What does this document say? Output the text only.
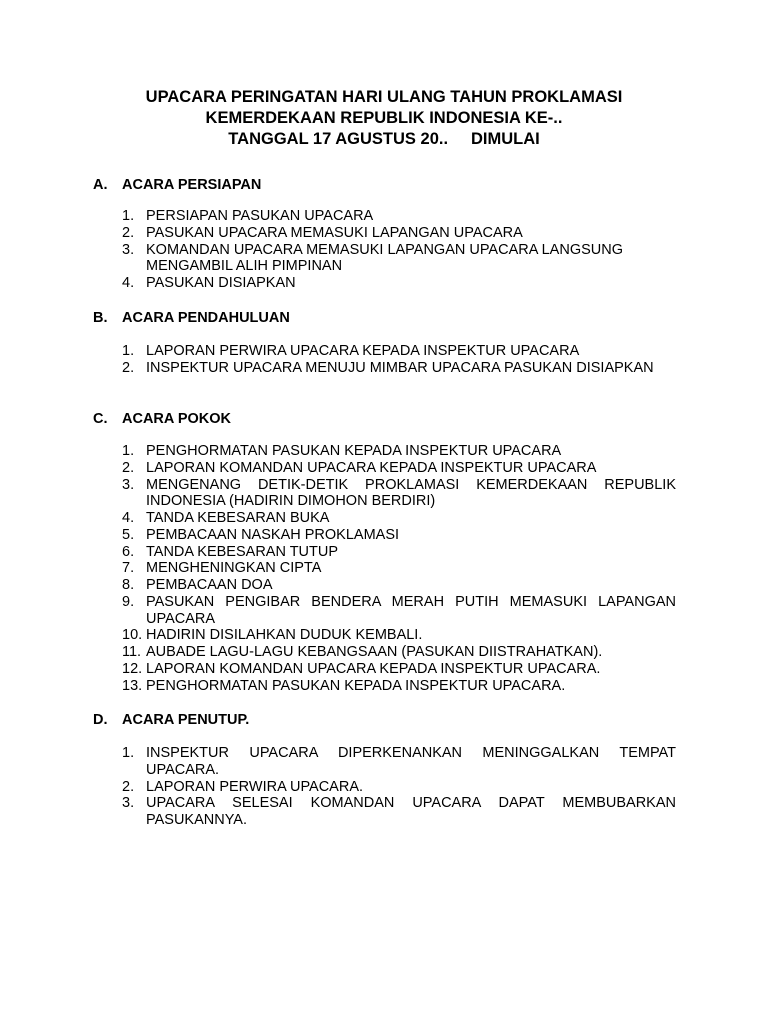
UPACARA PERINGATAN HARI ULANG TAHUN PROKLAMASI
KEMERDEKAAN REPUBLIK INDONESIA KE-..
TANGGAL 17 AGUSTUS 20..     DIMULAI
A. ACARA PERSIAPAN
1. PERSIAPAN PASUKAN UPACARA
2. PASUKAN UPACARA MEMASUKI LAPANGAN UPACARA
3. KOMANDAN UPACARA MEMASUKI LAPANGAN UPACARA LANGSUNG MENGAMBIL ALIH PIMPINAN
4. PASUKAN DISIAPKAN
B. ACARA PENDAHULUAN
1. LAPORAN PERWIRA UPACARA KEPADA INSPEKTUR UPACARA
2. INSPEKTUR UPACARA MENUJU MIMBAR UPACARA PASUKAN DISIAPKAN
C. ACARA POKOK
1. PENGHORMATAN PASUKAN KEPADA INSPEKTUR UPACARA
2. LAPORAN KOMANDAN UPACARA KEPADA INSPEKTUR UPACARA
3. MENGENANG DETIK-DETIK PROKLAMASI KEMERDEKAAN REPUBLIK INDONESIA (HADIRIN DIMOHON BERDIRI)
4. TANDA KEBESARAN BUKA
5. PEMBACAAN NASKAH PROKLAMASI
6. TANDA KEBESARAN TUTUP
7. MENGHENINGKAN CIPTA
8. PEMBACAAN DOA
9. PASUKAN PENGIBAR BENDERA MERAH PUTIH MEMASUKI LAPANGAN UPACARA
10. HADIRIN DISILAHKAN DUDUK KEMBALI.
11. AUBADE LAGU-LAGU KEBANGSAAN (PASUKAN DIISTRAHATKAN).
12. LAPORAN KOMANDAN UPACARA KEPADA INSPEKTUR UPACARA.
13. PENGHORMATAN PASUKAN KEPADA INSPEKTUR UPACARA.
D. ACARA PENUTUP.
1. INSPEKTUR UPACARA DIPERKENANKAN MENINGGALKAN TEMPAT UPACARA.
2. LAPORAN PERWIRA UPACARA.
3. UPACARA SELESAI KOMANDAN UPACARA DAPAT MEMBUBARKAN PASUKANNYA.
